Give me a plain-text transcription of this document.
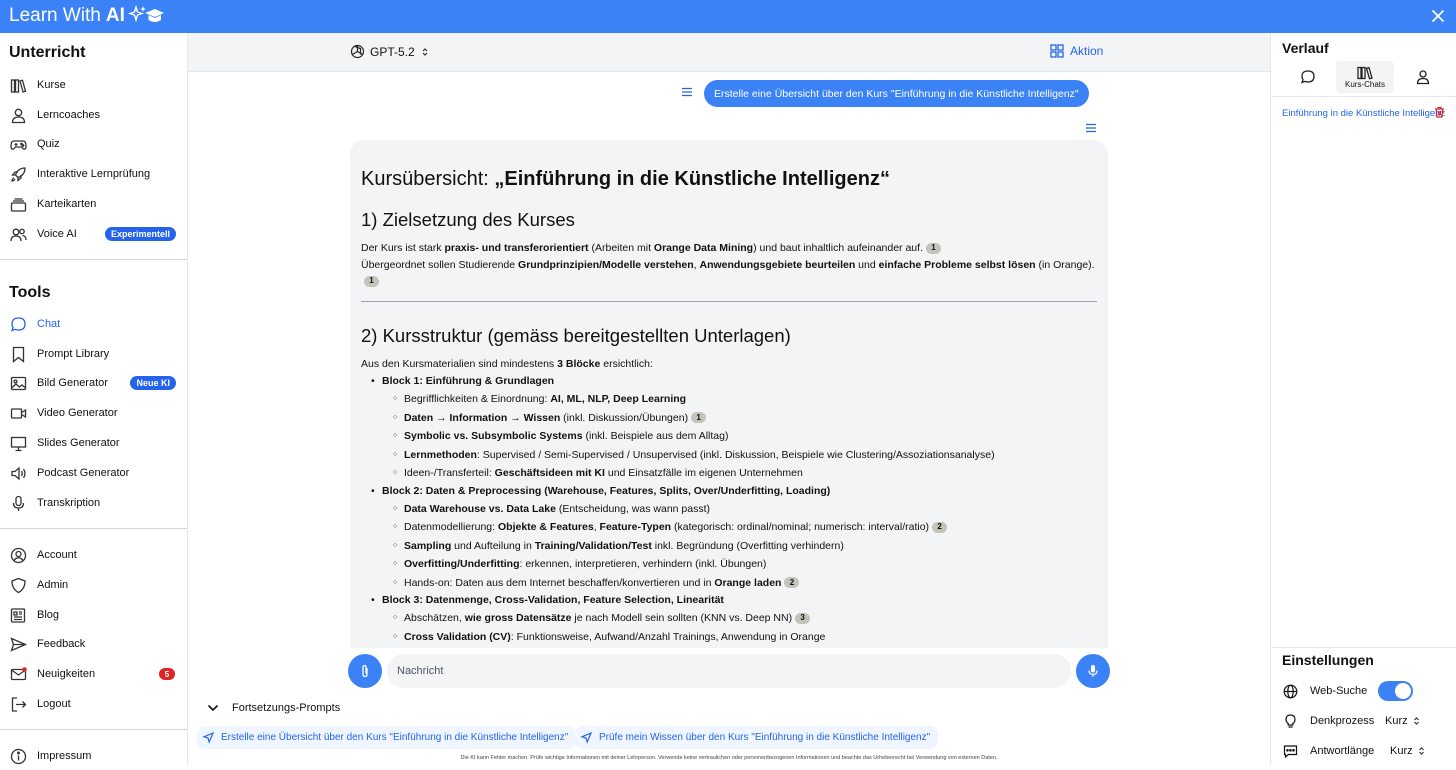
Learn With AI
Unterricht
Kurse
Lerncoaches
Quiz
Interaktive Lernprüfung
Karteikarten
Voice AI	Experimentell
Tools
Chat
Prompt Library
Bild Generator	Neue KI
Video Generator
Slides Generator
Podcast Generator
Transkription
Account
Admin
Blog
Feedback
Neuigkeiten	5
Logout
Impressum
GPT-5.2	Aktion
Erstelle eine Übersicht über den Kurs "Einführung in die Künstliche Intelligenz"
Kursübersicht: „Einführung in die Künstliche Intelligenz“
1) Zielsetzung des Kurses

Der Kurs ist stark praxis- und transferorientiert (Arbeiten mit Orange Data Mining) und baut inhaltlich aufeinander auf. 1
Übergeordnet sollen Studierende Grundprinzipien/Modelle verstehen, Anwendungsgebiete beurteilen und einfache Probleme selbst lösen (in Orange).1

2) Kursstruktur (gemäss bereitgestellten Unterlagen)

Aus den Kursmaterialien sind mindestens 3 Blöcke ersichtlich:

• Block 1: Einführung & Grundlagen
○ Begrifflichkeiten & Einordnung: AI, ML, NLP, Deep Learning
○ Daten → Information → Wissen (inkl. Diskussion/Übungen) 1
○ Symbolic vs. Subsymbolic Systems (inkl. Beispiele aus dem Alltag)
○ Lernmethoden: Supervised / Semi-Supervised / Unsupervised (inkl. Diskussion, Beispiele wie Clustering/Assoziationsanalyse)
○ Ideen-/Transferteil: Geschäftsideen mit KI und Einsatzfälle im eigenen Unternehmen
• Block 2: Daten & Preprocessing (Warehouse, Features, Splits, Over/Underfitting, Loading)
○ Data Warehouse vs. Data Lake (Entscheidung, was wann passt)
○ Datenmodellierung: Objekte & Features, Feature-Typen (kategorisch: ordinal/nominal; numerisch: interval/ratio) 2
○ Sampling und Aufteilung in Training/Validation/Test inkl. Begründung (Overfitting verhindern)
○ Overfitting/Underfitting: erkennen, interpretieren, verhindern (inkl. Übungen)
○ Hands-on: Daten aus dem Internet beschaffen/konvertieren und in Orange laden 2
• Block 3: Datenmenge, Cross-Validation, Feature Selection, Linearität
○ Abschätzen, wie gross Datensätze je nach Modell sein sollten (KNN vs. Deep NN) 3
○ Cross Validation (CV): Funktionsweise, Aufwand/Anzahl Trainings, Anwendung in Orange
Nachricht
Fortsetzungs-Prompts
Erstelle eine Übersicht über den Kurs "Einführung in die Künstliche Intelligenz"	Prüfe mein Wissen über den Kurs "Einführung in die Künstliche Intelligenz"
Die KI kann Fehler machen. Prüfe wichtige Informationen mit deiner Lehrperson. Verwende keine vertraulichen oder personenbezogenen Informationen und beachte das Urheberrecht bei Verwendung von externen Daten.
Verlauf
Kurs-Chats
Einführung in die Künstliche Intelligenz
Einstellungen
Web-Suche
Denkprozess Kurz
Antwortlänge Kurz
